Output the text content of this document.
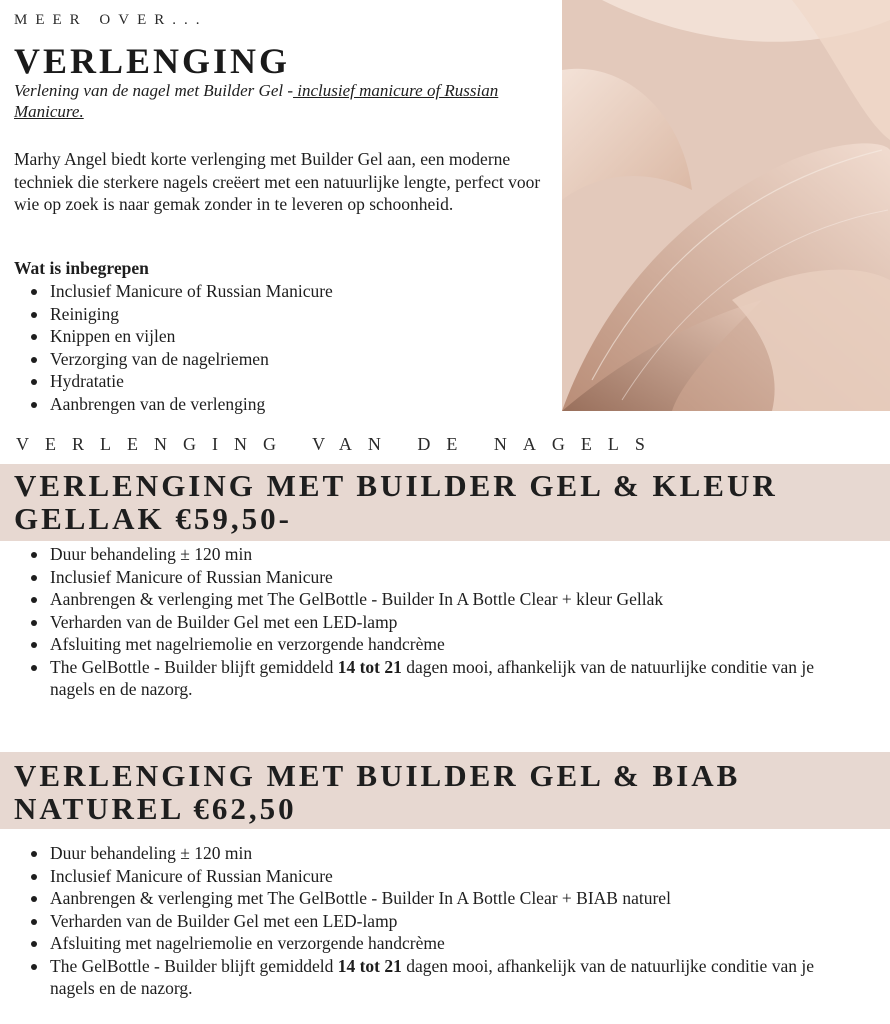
MEER OVER...
VERLENGING

Verlening van de nagel met Builder Gel - inclusief manicure of Russian Manicure.

Marhy Angel biedt korte verlenging met Builder Gel aan, een moderne techniek die sterkere nagels creëert met een natuurlijke lengte, perfect voor wie op zoek is naar gemak zonder in te leveren op schoonheid.

Wat is inbegrepen
Inclusief Manicure of Russian Manicure
Reiniging
Knippen en vijlen
Verzorging van de nagelriemen
Hydratatie
Aanbrengen van de verlenging
VERLENGING VAN DE NAGELS
VERLENGING MET BUILDER GEL & KLEUR GELLAK €59,50-
Duur behandeling ± 120 min
Inclusief Manicure of Russian Manicure
Aanbrengen & verlenging met The GelBottle - Builder In A Bottle Clear + kleur Gellak
Verharden van de Builder Gel met een LED-lamp
Afsluiting met nagelriemolie en verzorgende handcrème
The GelBottle - Builder blijft gemiddeld 14 tot 21 dagen mooi, afhankelijk van de natuurlijke conditie van je nagels en de nazorg.
VERLENGING MET BUILDER GEL & BIAB NATUREL €62,50
Duur behandeling ± 120 min
Inclusief Manicure of Russian Manicure
Aanbrengen & verlenging met The GelBottle - Builder In A Bottle Clear + BIAB naturel
Verharden van de Builder Gel met een LED-lamp
Afsluiting met nagelriemolie en verzorgende handcrème
The GelBottle - Builder blijft gemiddeld 14 tot 21 dagen mooi, afhankelijk van de natuurlijke conditie van je nagels en de nazorg.
